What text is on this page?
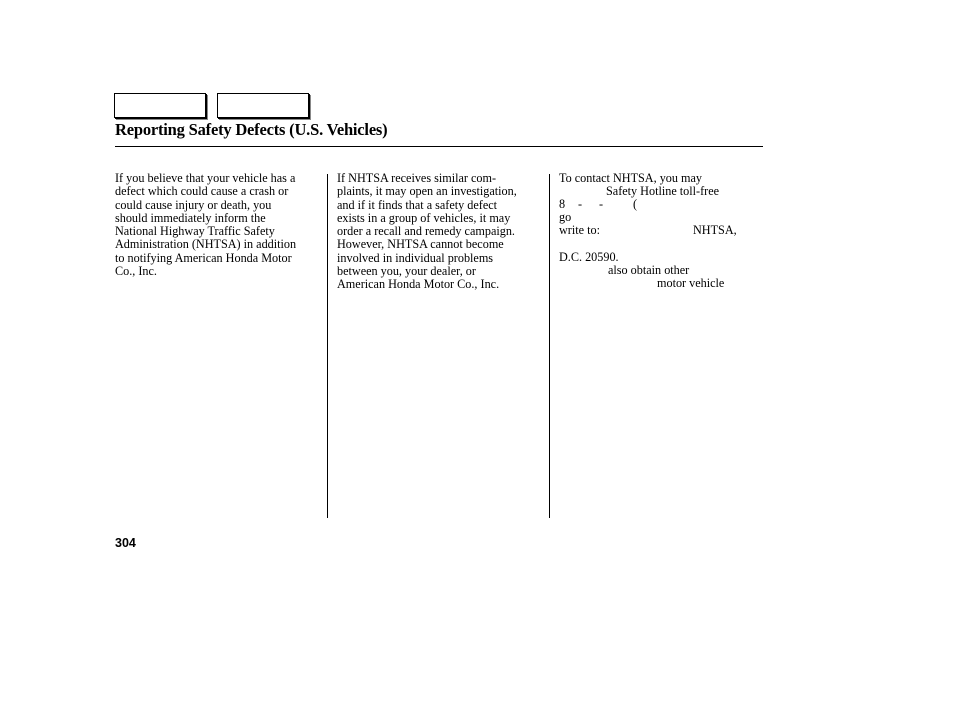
Reporting Safety Defects (U.S. Vehicles)

If you believe that your vehicle has a
defect which could cause a crash or
could cause injury or death, you
should immediately inform the
National Highway Traffic Safety
Administration (NHTSA) in addition
to notifying American Honda Motor
Co., Inc.

If NHTSA receives similar com-
plaints, it may open an investigation,
and if it finds that a safety defect
exists in a group of vehicles, it may
order a recall and remedy campaign.
However, NHTSA cannot become
involved in individual problems
between you, your dealer, or
American Honda Motor Co., Inc.

To contact NHTSA, you may
Safety Hotline toll-free
8 - - (
go
write to:	NHTSA,
D.C. 20590.
also obtain other
motor vehicle
304
